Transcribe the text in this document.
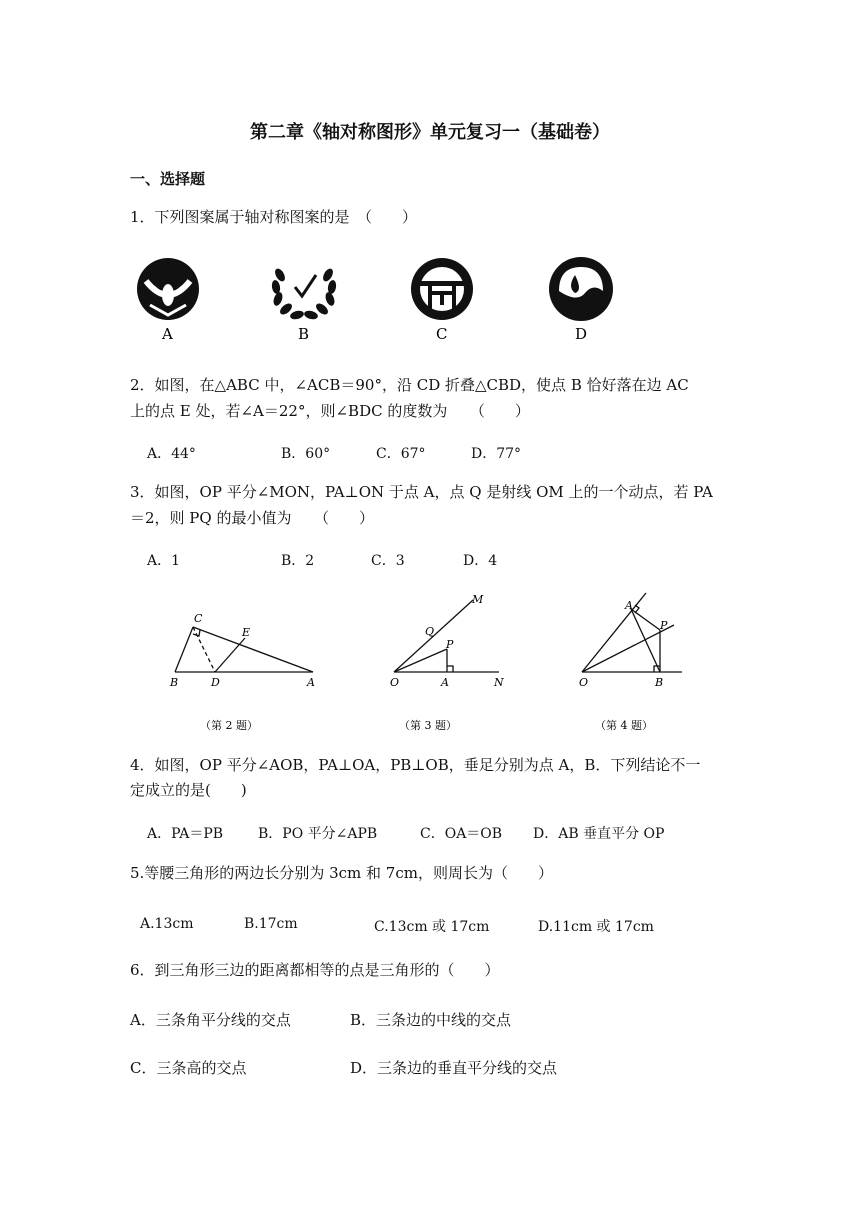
第二章《轴对称图形》单元复习一（基础卷）
一、选择题
1．下列图案属于轴对称图案的是　（　　）
A	B	C	D
2．如图，在△ABC 中，∠ACB＝90°，沿 CD 折叠△CBD，使点 B 恰好落在边 AC
上的点 E 处，若∠A＝22°，则∠BDC 的度数为　　（　　）
A．44°	B．60°	C．67°	D．77°
3．如图，OP 平分∠MON，PA⊥ON 于点 A，点 Q 是射线 OM 上的一个动点，若 PA
＝2，则 PQ 的最小值为　　（　　）
A．1	B．2	C．3	D．4
C
E
B	D	A
（第 2 题）
M
Q
P
O	A	N
（第 3 题）
A
P
O	B
（第 4 题）
4．如图，OP 平分∠AOB，PA⊥OA，PB⊥OB，垂足分别为点 A，B．下列结论不一
定成立的是(　　)
A．PA＝PB B．PO 平分∠APB	C．OA＝OB D．AB 垂直平分 OP
5.等腰三角形的两边长分别为 3cm 和 7cm，则周长为（　　）
A.13cm	B.17cm	C.13cm 或 17cm	D.11cm 或 17cm
6．到三角形三边的距离都相等的点是三角形的（　　）
A．三条角平分线的交点	B．三条边的中线的交点
C．三条高的交点	D．三条边的垂直平分线的交点
